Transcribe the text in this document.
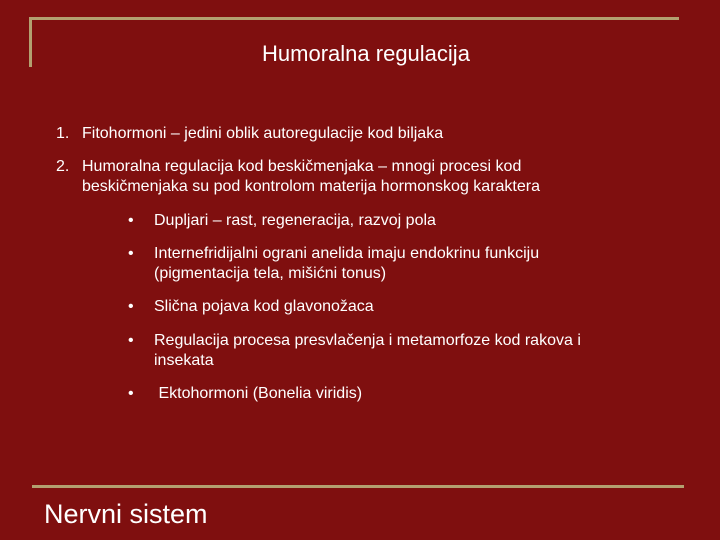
Humoralna regulacija
1. Fitohormoni – jedini oblik autoregulacije kod biljaka
2. Humoralna regulacija kod beskičmenjaka – mnogi procesi kod beskičmenjaka su pod kontrolom materija hormonskog karaktera
• Dupljari – rast, regeneracija, razvoj pola
• Internefridijalni ograni anelida imaju endokrinu funkciju (pigmentacija tela, mišićni tonus)
• Slična pojava kod glavonožaca
• Regulacija procesa presvlačenja i metamorfoze kod rakova i insekata
• Ektohormoni (Bonelia viridis)
Nervni sistem
